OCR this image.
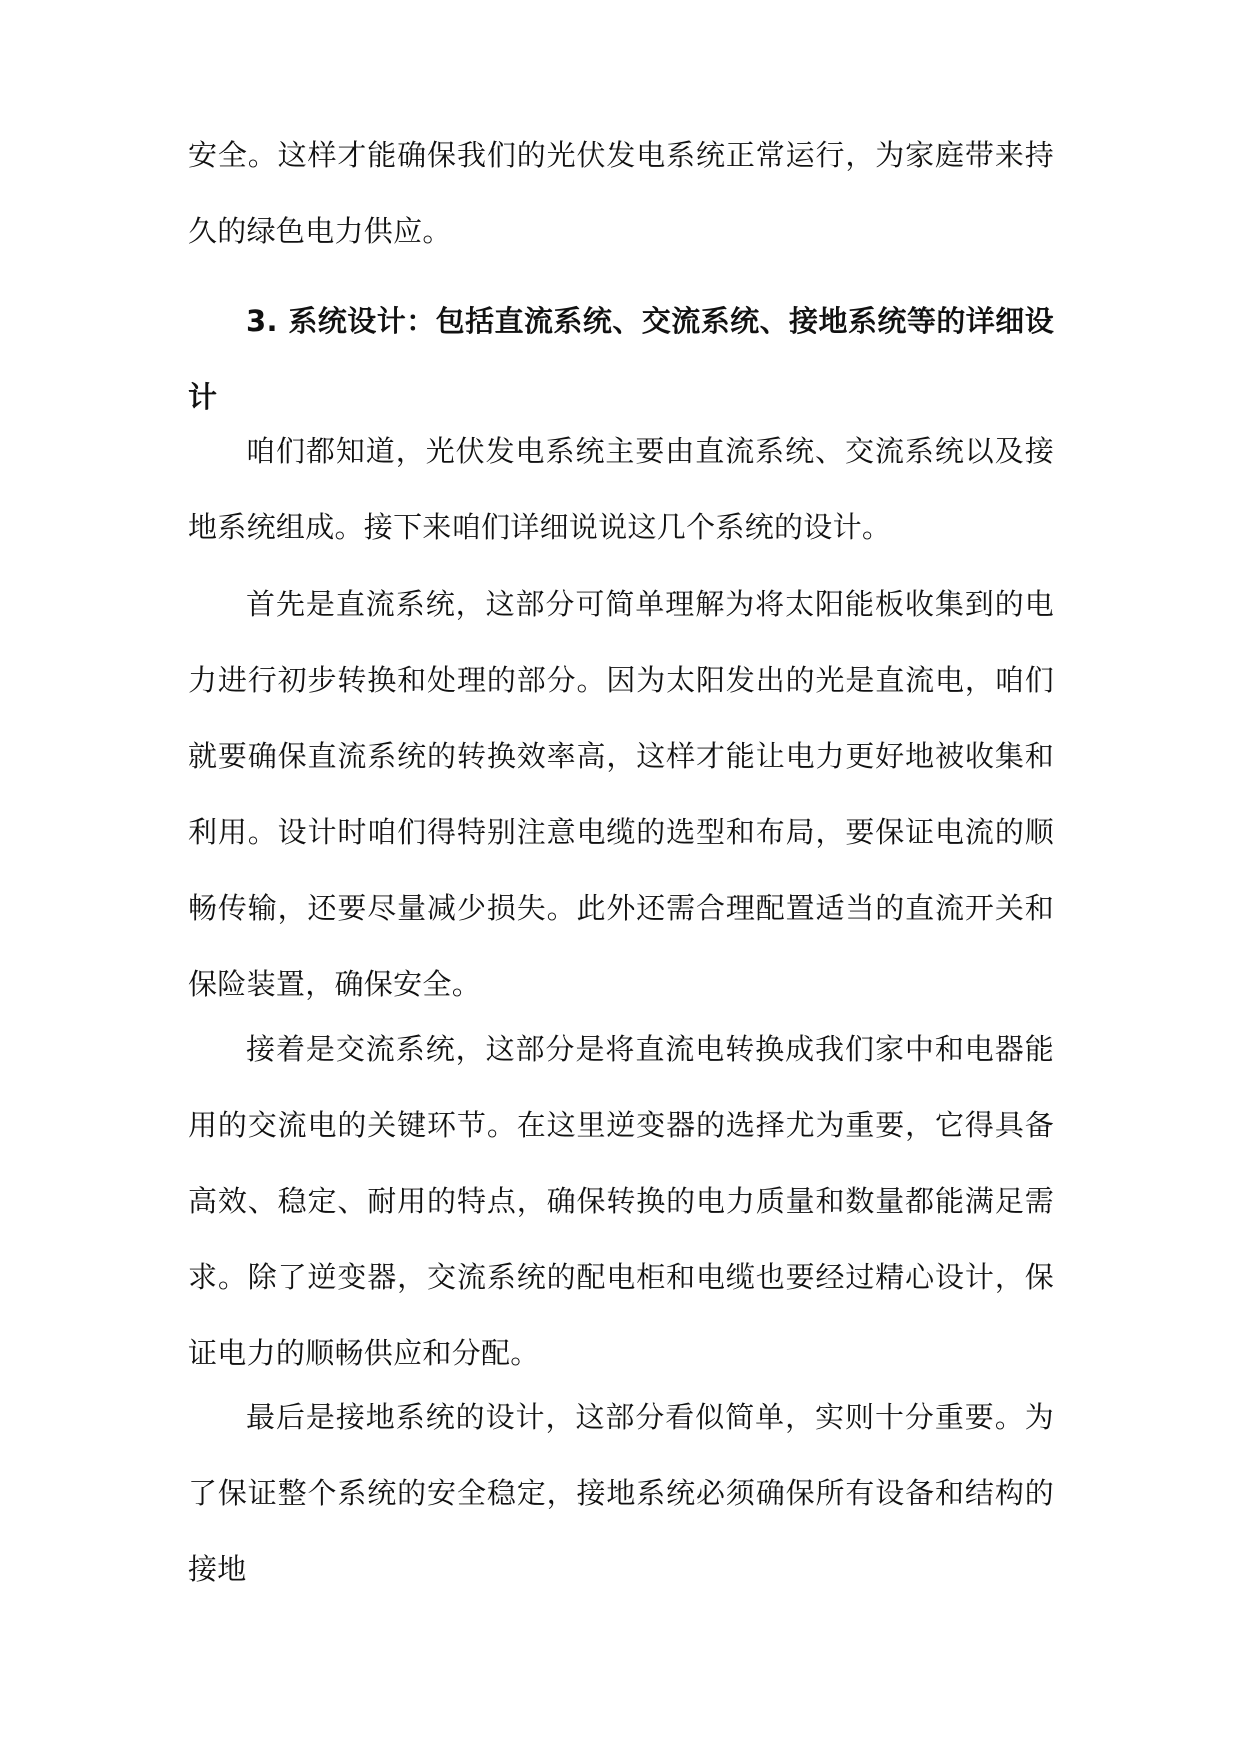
安全。这样才能确保我们的光伏发电系统正常运行，为家庭带来持久的绿色电力供应。

3. 系统设计：包括直流系统、交流系统、接地系统等的详细设计

咱们都知道，光伏发电系统主要由直流系统、交流系统以及接地系统组成。接下来咱们详细说说这几个系统的设计。

首先是直流系统，这部分可简单理解为将太阳能板收集到的电力进行初步转换和处理的部分。因为太阳发出的光是直流电，咱们就要确保直流系统的转换效率高，这样才能让电力更好地被收集和利用。设计时咱们得特别注意电缆的选型和布局，要保证电流的顺畅传输，还要尽量减少损失。此外还需合理配置适当的直流开关和保险装置，确保安全。

接着是交流系统，这部分是将直流电转换成我们家中和电器能用的交流电的关键环节。在这里逆变器的选择尤为重要，它得具备高效、稳定、耐用的特点，确保转换的电力质量和数量都能满足需求。除了逆变器，交流系统的配电柜和电缆也要经过精心设计，保证电力的顺畅供应和分配。

最后是接地系统的设计，这部分看似简单，实则十分重要。为了保证整个系统的安全稳定，接地系统必须确保所有设备和结构的接地
